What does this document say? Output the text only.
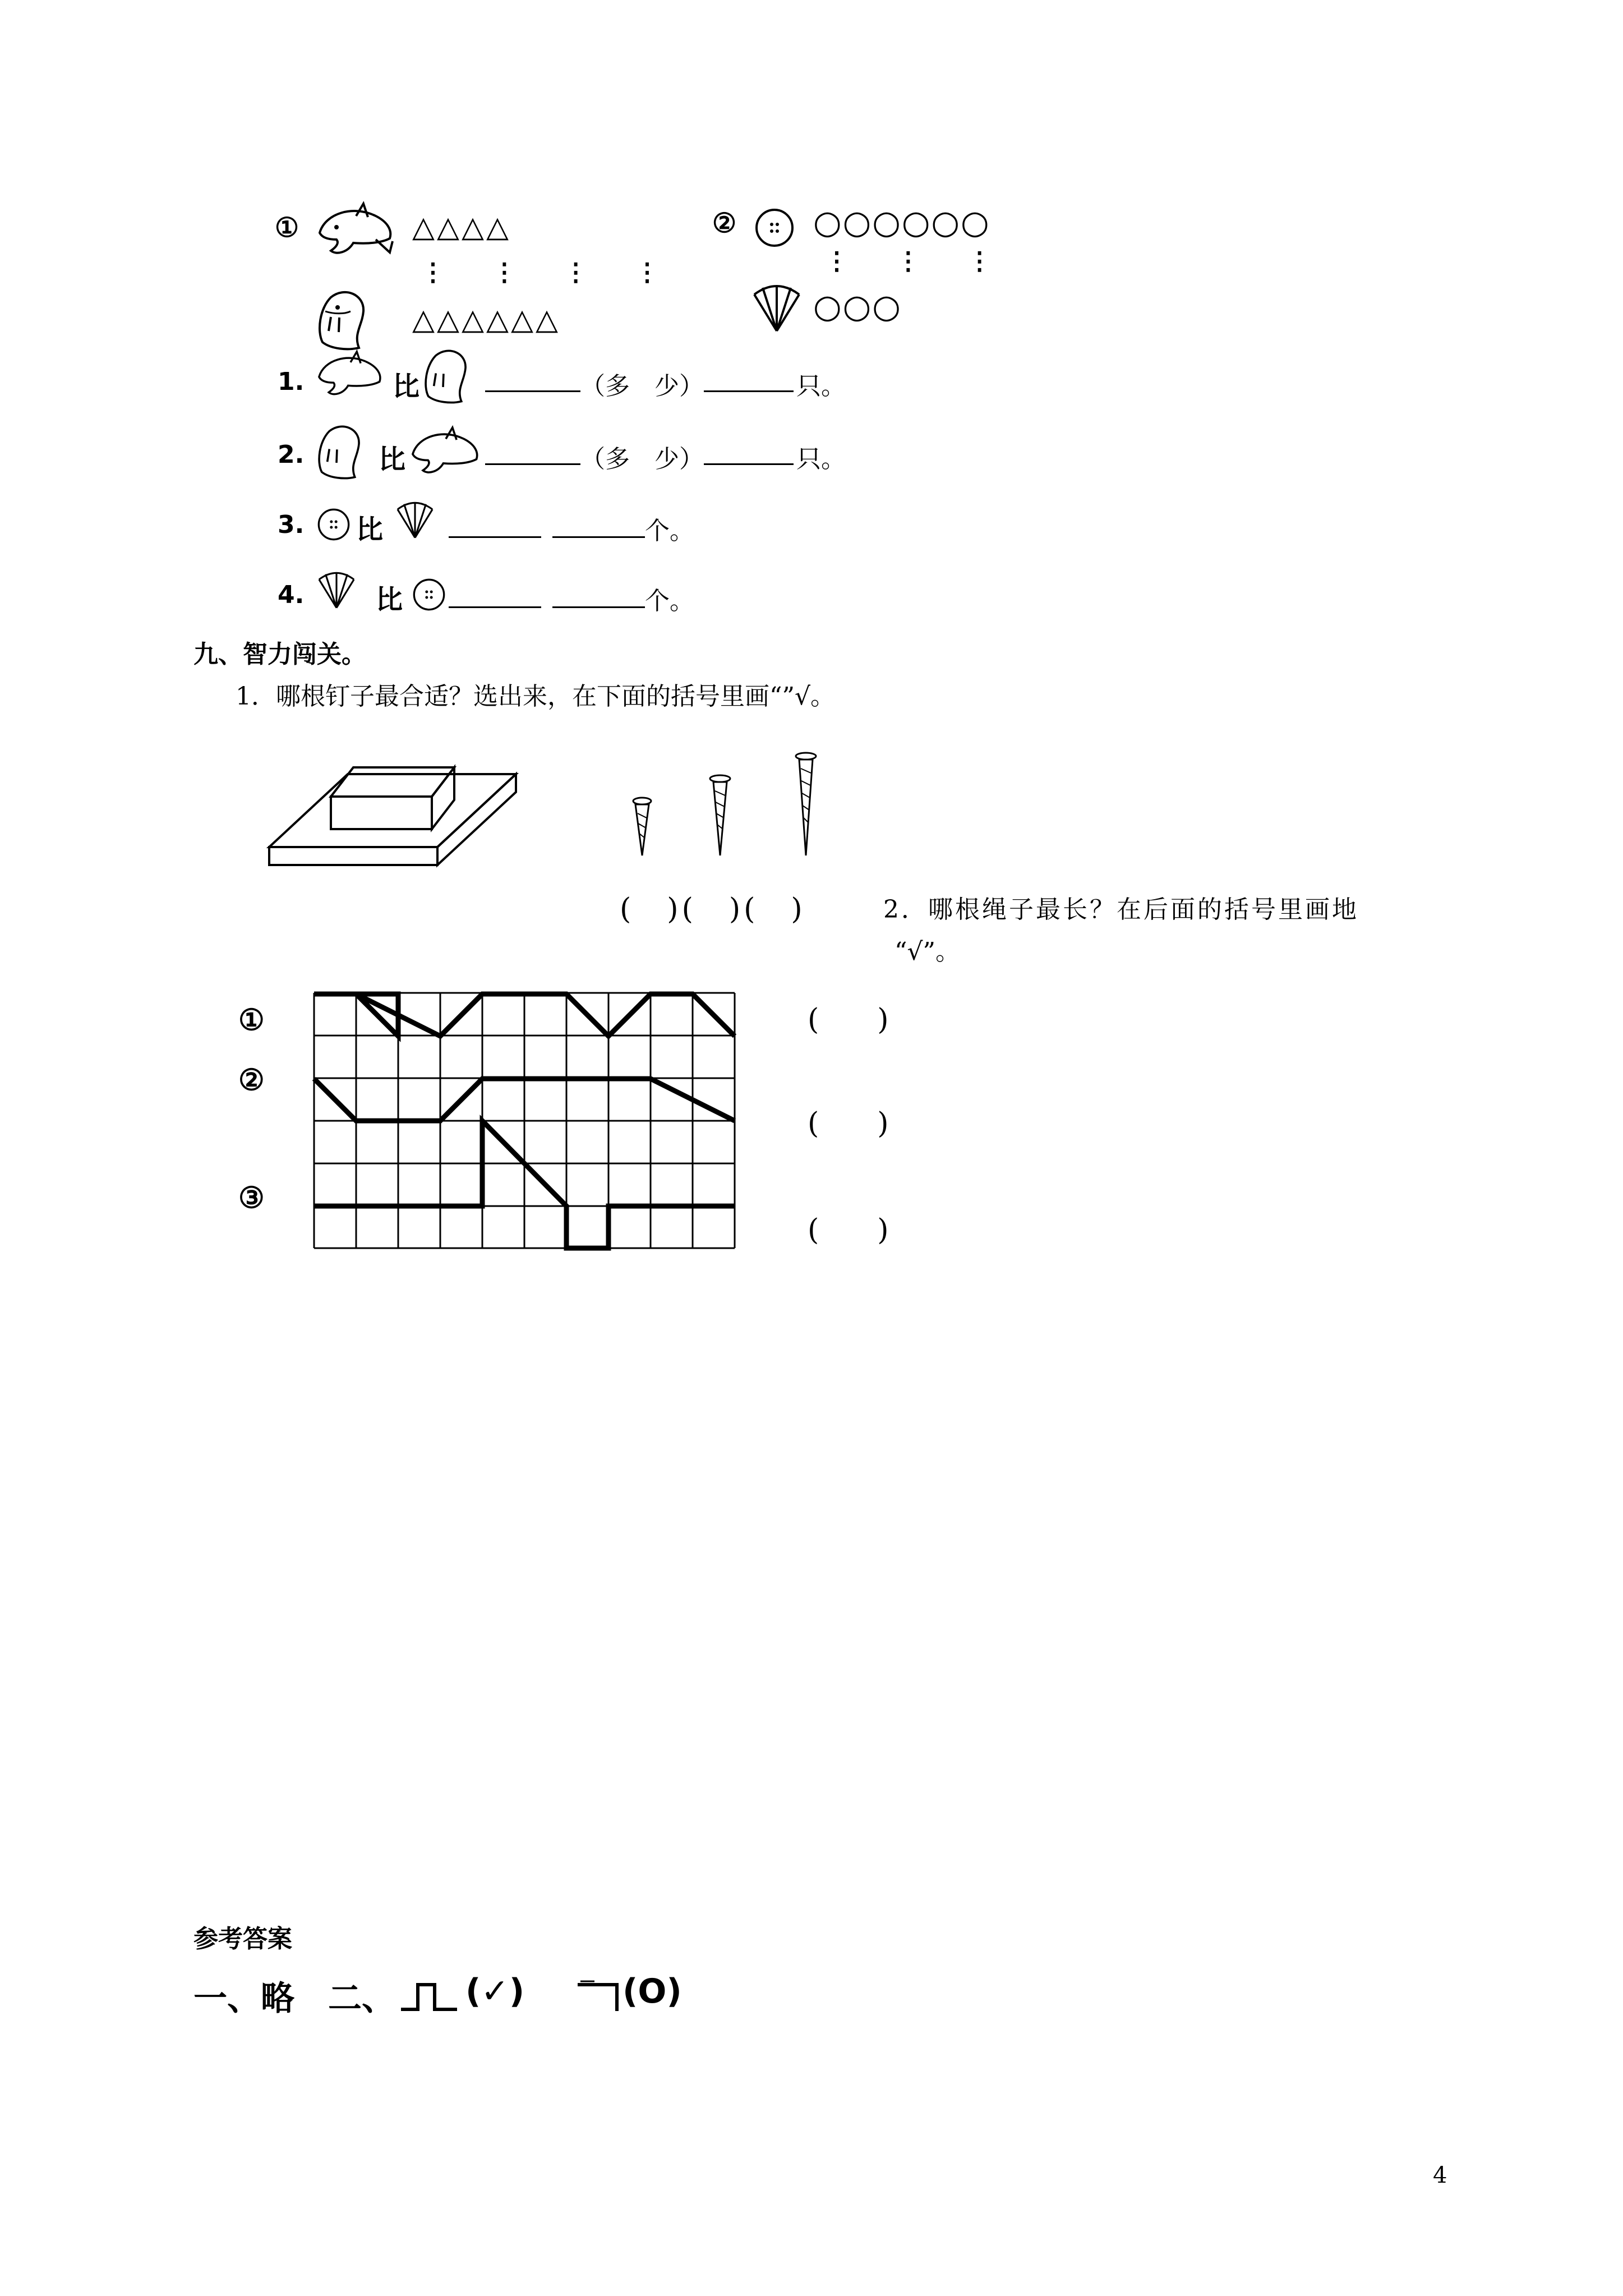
①	△△△△
⋮ ⋮ ⋮ ⋮
△△△△△△
② ○○○○○○
⋮ ⋮ ⋮
○○○
1.	比	（多　少）	只。
2.	比	（多　少）	只。
3. 比	个。
4.	比	个。
九、智力闯关。
1．哪根钉子最合适？选出来，在下面的括号里画“”√。
(　)(　)(　)	2．哪根绳子最长？在后面的括号里画地
“√”。
①
②
③
(　　)
(　　)
(　　)
参考答案
一、略　二、 (✓)	(O)
4
